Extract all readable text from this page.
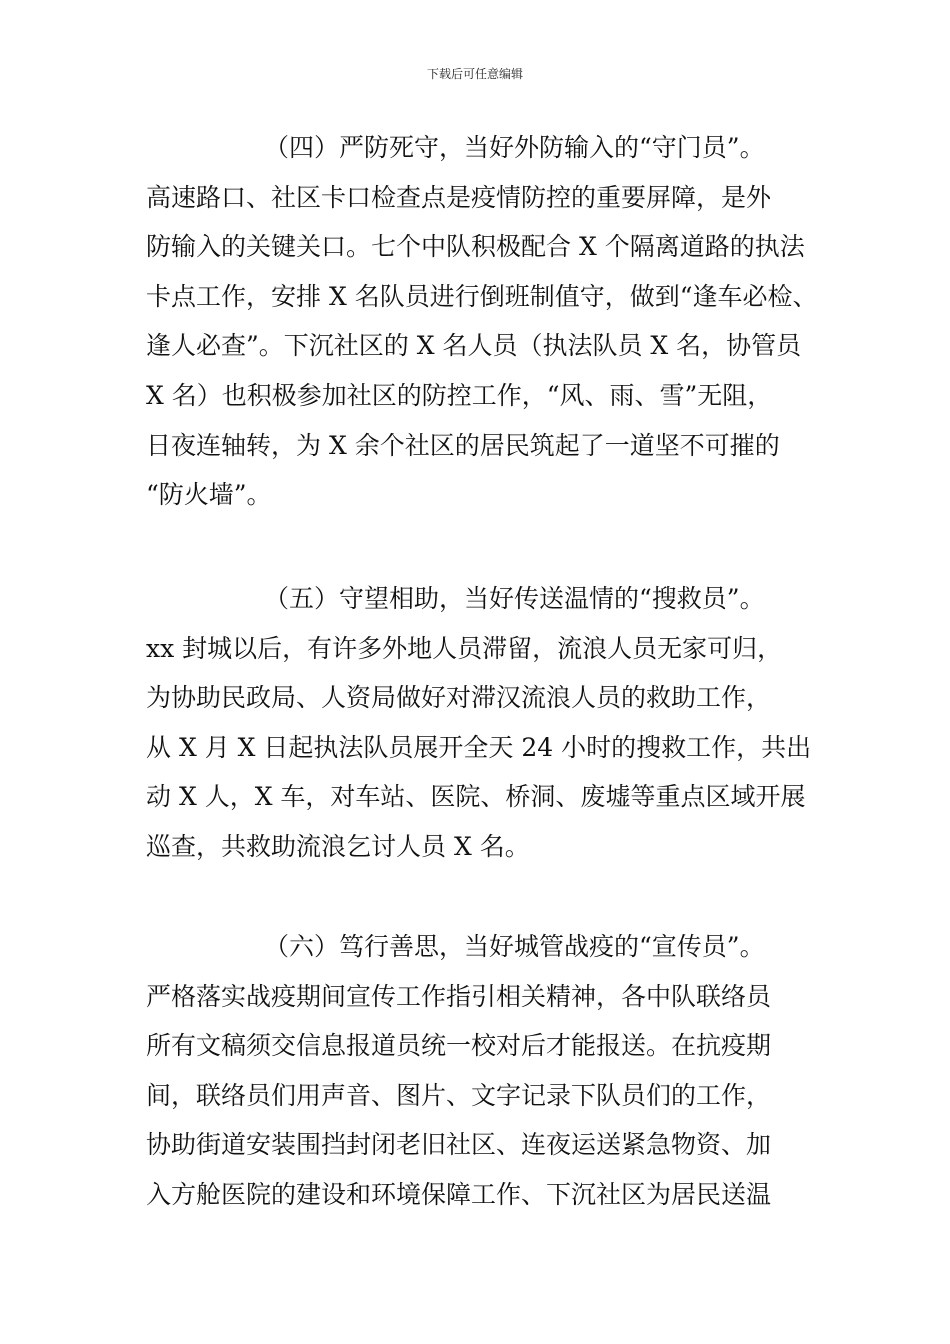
下载后可任意编辑
（四）严防死守，当好外防输入的“守门员”。
高速路口、社区卡口检查点是疫情防控的重要屏障，是外
防输入的关键关口。七个中队积极配合 X 个隔离道路的执法
卡点工作，安排 X 名队员进行倒班制值守，做到“逢车必检、
逢人必查”。下沉社区的 X 名人员（执法队员 X 名，协管员
X 名）也积极参加社区的防控工作，“风、雨、雪”无阻，
日夜连轴转，为 X 余个社区的居民筑起了一道坚不可摧的
“防火墙”。
（五）守望相助，当好传送温情的“搜救员”。
xx 封城以后，有许多外地人员滞留，流浪人员无家可归，
为协助民政局、人资局做好对滞汉流浪人员的救助工作，
从 X 月 X 日起执法队员展开全天 24 小时的搜救工作，共出
动 X 人，X 车，对车站、医院、桥洞、废墟等重点区域开展
巡查，共救助流浪乞讨人员 X 名。
（六）笃行善思，当好城管战疫的“宣传员”。
严格落实战疫期间宣传工作指引相关精神，各中队联络员
所有文稿须交信息报道员统一校对后才能报送。在抗疫期
间，联络员们用声音、图片、文字记录下队员们的工作，
协助街道安装围挡封闭老旧社区、连夜运送紧急物资、加
入方舱医院的建设和环境保障工作、下沉社区为居民送温
